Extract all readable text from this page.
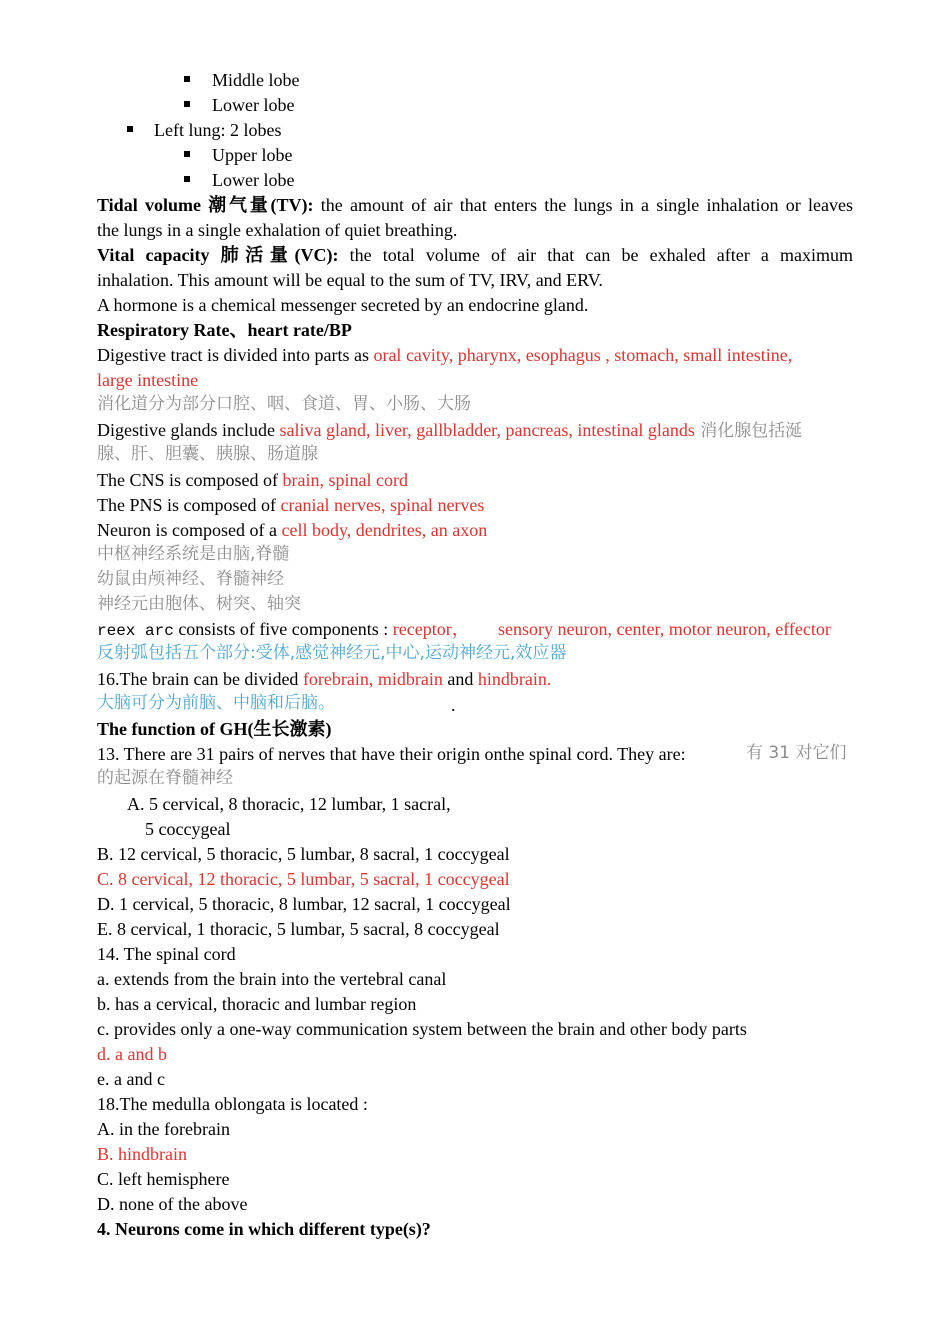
Middle lobe
Lower lobe
Left lung: 2 lobes
Upper lobe
Lower lobe
Tidal volume 潮气量(TV): the amount of air that enters the lungs in a single inhalation or leaves
the lungs in a single exhalation of quiet breathing.
Vital capacity 肺活量(VC): the total volume of air that can be exhaled after a maximum
inhalation. This amount will be equal to the sum of TV, IRV, and ERV.
A hormone is a chemical messenger secreted by an endocrine gland.
Respiratory Rate、heart rate/BP
Digestive tract is divided into parts as oral cavity, pharynx, esophagus , stomach, small intestine,
large intestine
消化道分为部分口腔、咽、食道、胃、小肠、大肠
Digestive glands include saliva gland, liver, gallbladder, pancreas, intestinal glands 消化腺包括涎
腺、肝、胆囊、胰腺、肠道腺
The CNS is composed of brain, spinal cord
The PNS is composed of cranial nerves, spinal nerves
Neuron is composed of a cell body, dendrites, an axon
中枢神经系统是由脑,脊髓
幼鼠由颅神经、脊髓神经
神经元由胞体、树突、轴突
reex arc consists of five components : receptor， sensory neuron, center, motor neuron, effector
反射弧包括五个部分:受体,感觉神经元,中心,运动神经元,效应器
16.The brain can be divided forebrain, midbrain and hindbrain.
大脑可分为前脑、中脑和后脑。	.
The function of GH(生长激素)
13. There are 31 pairs of nerves that have their origin onthe spinal cord. They are:	有 31 对它们
的起源在脊髓神经
A. 5 cervical, 8 thoracic, 12 lumbar, 1 sacral,
5 coccygeal
B. 12 cervical, 5 thoracic, 5 lumbar, 8 sacral, 1 coccygeal
C. 8 cervical, 12 thoracic, 5 lumbar, 5 sacral, 1 coccygeal
D. 1 cervical, 5 thoracic, 8 lumbar, 12 sacral, 1 coccygeal
E. 8 cervical, 1 thoracic, 5 lumbar, 5 sacral, 8 coccygeal
14. The spinal cord
a. extends from the brain into the vertebral canal
b. has a cervical, thoracic and lumbar region
c. provides only a one-way communication system between the brain and other body parts
d. a and b
e. a and c
18.The medulla oblongata is located :
A. in the forebrain
B. hindbrain
C. left hemisphere
D. none of the above
4. Neurons come in which different type(s)?
